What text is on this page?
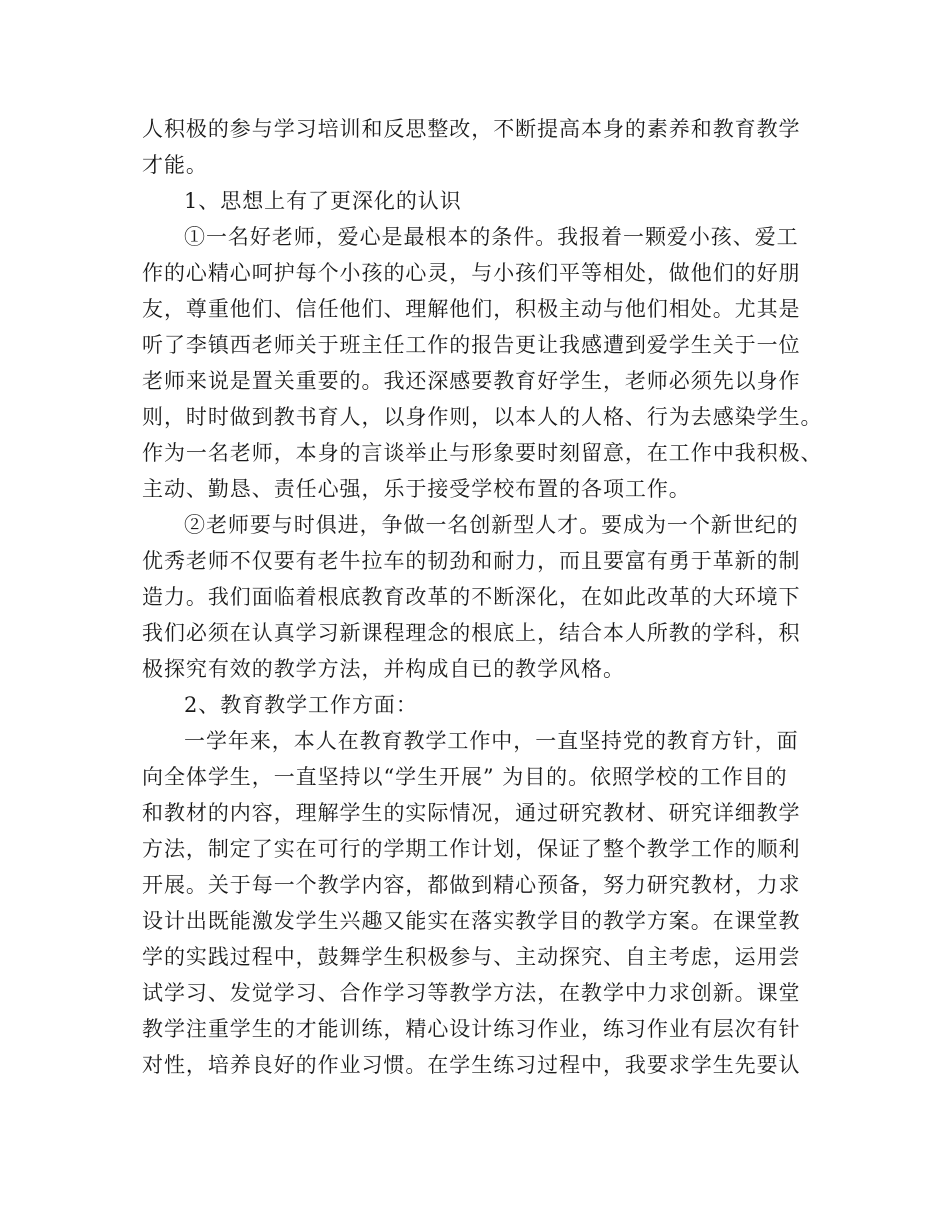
人积极的参与学习培训和反思整改，不断提高本身的素养和教育教学
才能。
1、思想上有了更深化的认识
①一名好老师，爱心是最根本的条件。我报着一颗爱小孩、爱工
作的心精心呵护每个小孩的心灵，与小孩们平等相处，做他们的好朋
友，尊重他们、信任他们、理解他们，积极主动与他们相处。尤其是
听了李镇西老师关于班主任工作的报告更让我感遭到爱学生关于一位
老师来说是置关重要的。我还深感要教育好学生，老师必须先以身作
则，时时做到教书育人，以身作则，以本人的人格、行为去感染学生。
作为一名老师，本身的言谈举止与形象要时刻留意，在工作中我积极、
主动、勤恳、责任心强，乐于接受学校布置的各项工作。
②老师要与时俱进，争做一名创新型人才。要成为一个新世纪的
优秀老师不仅要有老牛拉车的韧劲和耐力，而且要富有勇于革新的制
造力。我们面临着根底教育改革的不断深化，在如此改革的大环境下
我们必须在认真学习新课程理念的根底上，结合本人所教的学科，积
极探究有效的教学方法，并构成自已的教学风格。
2、教育教学工作方面：
一学年来，本人在教育教学工作中，一直坚持党的教育方针，面
向全体学生，一直坚持以“学生开展” 为目的。依照学校的工作目的
和教材的内容，理解学生的实际情况，通过研究教材、研究详细教学
方法，制定了实在可行的学期工作计划，保证了整个教学工作的顺利
开展。关于每一个教学内容，都做到精心预备，努力研究教材，力求
设计出既能激发学生兴趣又能实在落实教学目的教学方案。在课堂教
学的实践过程中，鼓舞学生积极参与、主动探究、自主考虑，运用尝
试学习、发觉学习、合作学习等教学方法，在教学中力求创新。课堂
教学注重学生的才能训练，精心设计练习作业，练习作业有层次有针
对性，培养良好的作业习惯。在学生练习过程中，我要求学生先要认
